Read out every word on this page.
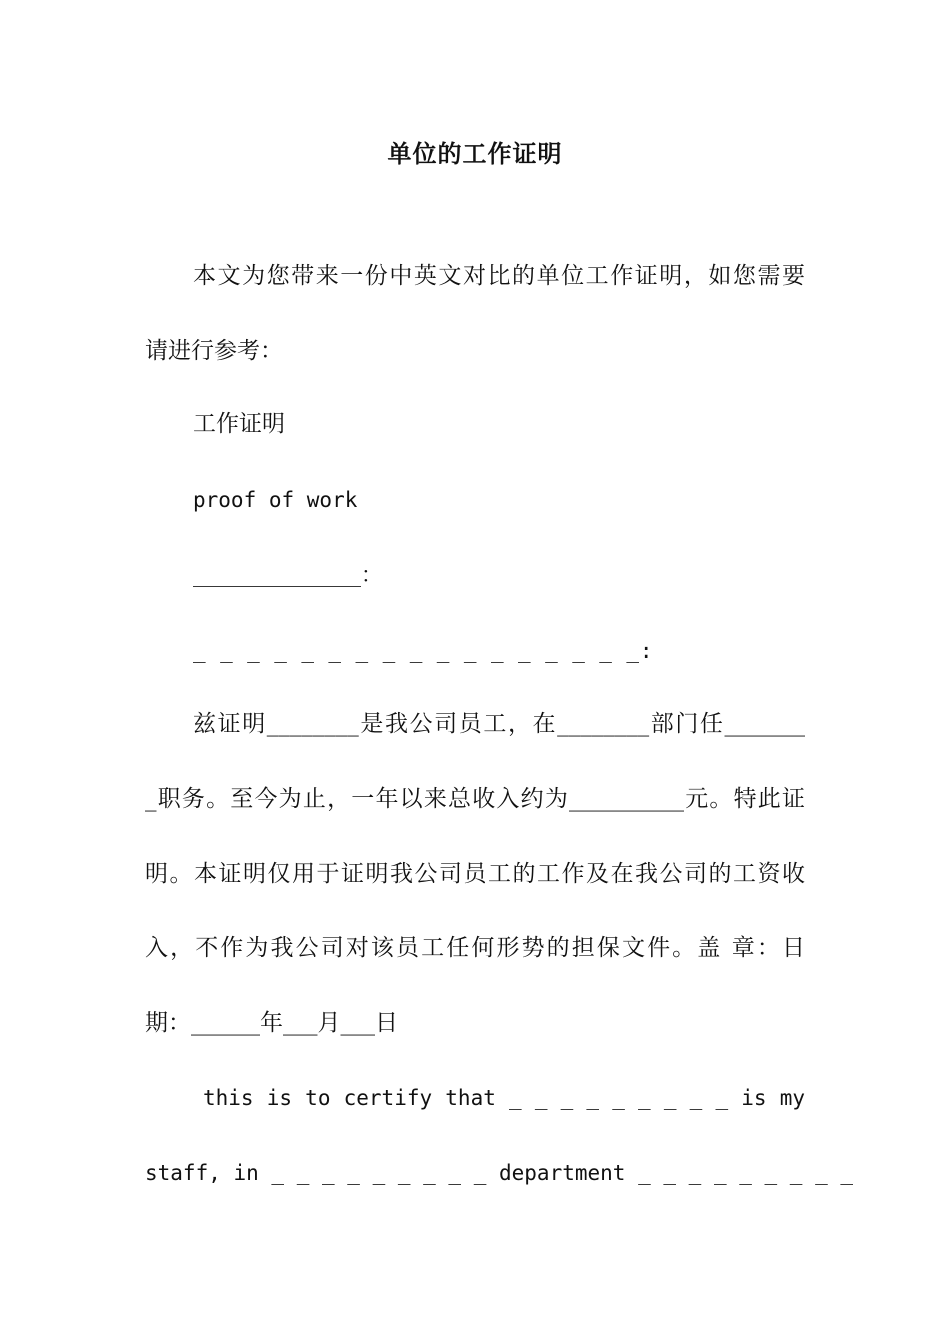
单位的工作证明
本文为您带来一份中英文对比的单位工作证明，如您需要
请进行参考：
工作证明
proof of work
________________：
_ _ _ _ _ _ _ _ _ _ _ _ _ _ _ _ _:
兹证明________是我公司员工，在________部门任_______
_职务。至今为止，一年以来总收入约为__________元。特此证
明。本证明仅用于证明我公司员工的工作及在我公司的工资收
入，不作为我公司对该员工任何形势的担保文件。盖 章：日
期：______年___月___日
this is to certify that _ _ _ _ _ _ _ _ _ is my
staff, in _ _ _ _ _ _ _ _ _ department _ _ _ _ _ _ _ _ _
